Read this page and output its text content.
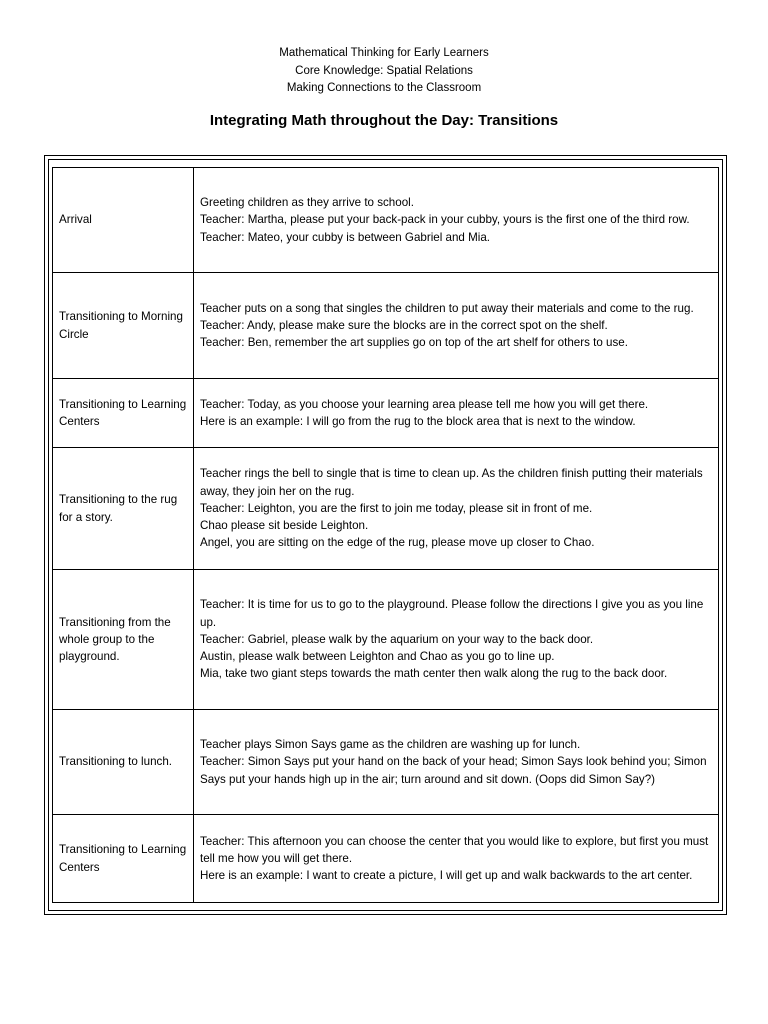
Mathematical Thinking for Early Learners
Core Knowledge: Spatial Relations
Making Connections to the Classroom
Integrating Math throughout the Day: Transitions
Arrival	Greeting children as they arrive to school.
Teacher: Martha, please put your back-pack in your cubby, yours is the first one of the third row.
Teacher: Mateo, your cubby is between Gabriel and Mia.

Transitioning to Morning Circle	Teacher puts on a song that singles the children to put away their materials and come to the rug.
Teacher: Andy, please make sure the blocks are in the correct spot on the shelf.
Teacher: Ben, remember the art supplies go on top of the art shelf for others to use.

Transitioning to Learning Centers	Teacher: Today, as you choose your learning area please tell me how you will get there.
Here is an example: I will go from the rug to the block area that is next to the window.

Transitioning to the rug for a story.	Teacher rings the bell to single that is time to clean up. As the children finish putting their materials away, they join her on the rug.
Teacher: Leighton, you are the first to join me today, please sit in front of me.
Chao please sit beside Leighton.
Angel, you are sitting on the edge of the rug, please move up closer to Chao.

Transitioning from the whole group to the playground.	Teacher: It is time for us to go to the playground. Please follow the directions I give you as you line up.
Teacher: Gabriel, please walk by the aquarium on your way to the back door.
Austin, please walk between Leighton and Chao as you go to line up.
Mia, take two giant steps towards the math center then walk along the rug to the back door.

Transitioning to lunch.	Teacher plays Simon Says game as the children are washing up for lunch.
Teacher: Simon Says put your hand on the back of your head; Simon Says look behind you; Simon Says put your hands high up in the air; turn around and sit down. (Oops did Simon Say?)

Transitioning to Learning Centers	Teacher: This afternoon you can choose the center that you would like to explore, but first you must tell me how you will get there.
Here is an example: I want to create a picture, I will get up and walk backwards to the art center.
